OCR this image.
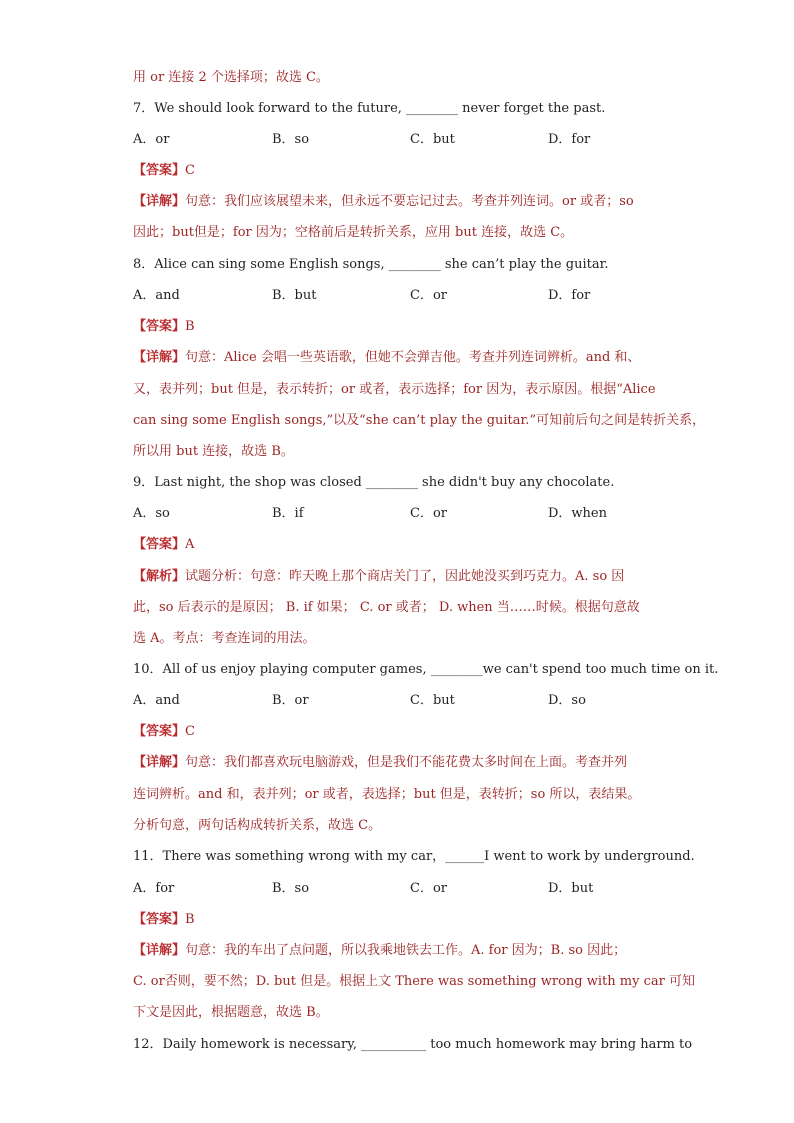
用 or 连接 2 个选择项；故选 C。
7．We should look forward to the future, ________ never forget the past.
A．or	B．so	C．but	D．for
【答案】C
【详解】句意：我们应该展望未来，但永远不要忘记过去。考查并列连词。or 或者；so
因此；but但是；for 因为；空格前后是转折关系，应用 but 连接，故选 C。
8．Alice can sing some English songs, ________ she can’t play the guitar.
A．and	B．but	C．or	D．for
【答案】B
【详解】句意：Alice 会唱一些英语歌，但她不会弹吉他。考查并列连词辨析。and 和、
又，表并列；but 但是，表示转折；or 或者，表示选择；for 因为，表示原因。根据“Alice
can sing some English songs,”以及“she can’t play the guitar.”可知前后句之间是转折关系，
所以用 but 连接，故选 B。
9．Last night, the shop was closed ________ she didn't buy any chocolate.
A．so	B．if	C．or	D．when
【答案】A
【解析】试题分析：句意：昨天晚上那个商店关门了，因此她没买到巧克力。A. so 因
此，so 后表示的是原因； B. if 如果； C. or 或者； D. when 当……时候。根据句意故
选 A。考点：考查连词的用法。
10．All of us enjoy playing computer games, ________we can't spend too much time on it.
A．and	B．or	C．but	D．so
【答案】C
【详解】句意：我们都喜欢玩电脑游戏，但是我们不能花费太多时间在上面。考查并列
连词辨析。and 和，表并列；or 或者，表选择；but 但是，表转折；so 所以，表结果。
分析句意，两句话构成转折关系，故选 C。
11．There was something wrong with my car，______I went to work by underground.
A．for	B．so	C．or	D．but
【答案】B
【详解】句意：我的车出了点问题，所以我乘地铁去工作。A. for 因为；B. so 因此；
C. or否则，要不然；D. but 但是。根据上文 There was something wrong with my car 可知
下文是因此，根据题意，故选 B。
12．Daily homework is necessary, __________ too much homework may bring harm to
